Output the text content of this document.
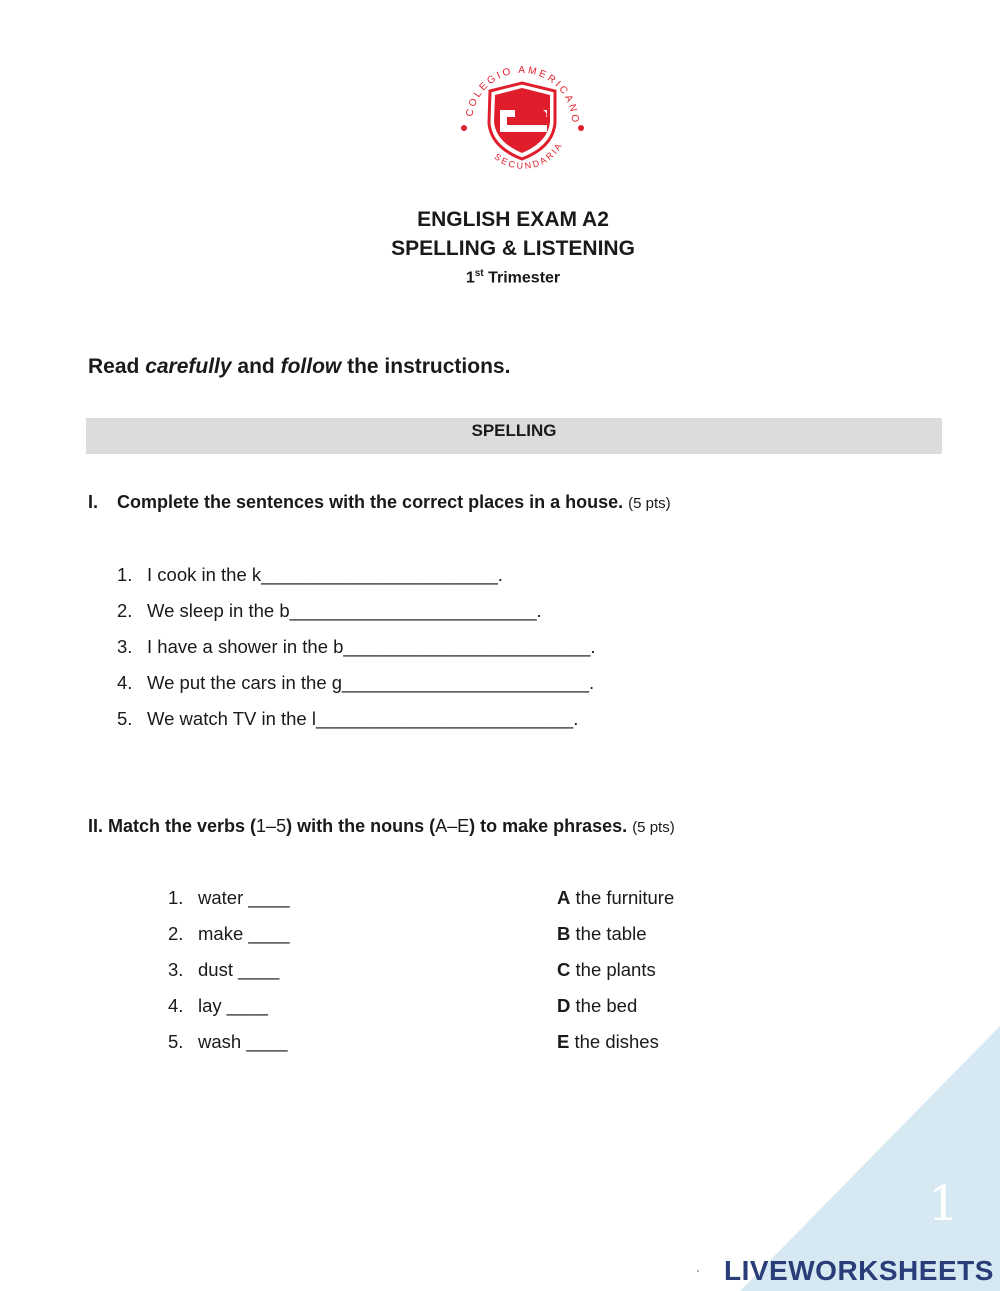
COLEGIO AMERICANO
SECUNDARIA
ENGLISH EXAM A2
SPELLING & LISTENING
1st Trimester
Read carefully and follow the instructions.
SPELLING
I. Complete the sentences with the correct places in a house. (5 pts)
1. I cook in the k_______________________.
2. We sleep in the b________________________.
3. I have a shower in the b________________________.
4. We put the cars in the g________________________.
5. We watch TV in the l_________________________.
II. Match the verbs (1–5) with the nouns (A–E) to make phrases. (5 pts)
1. water ____
2. make ____
3. dust ____
4. lay ____
5. wash ____
A the furniture
B the table
C the plants
D the bed
E the dishes
1
LIVEWORKSHEETS
